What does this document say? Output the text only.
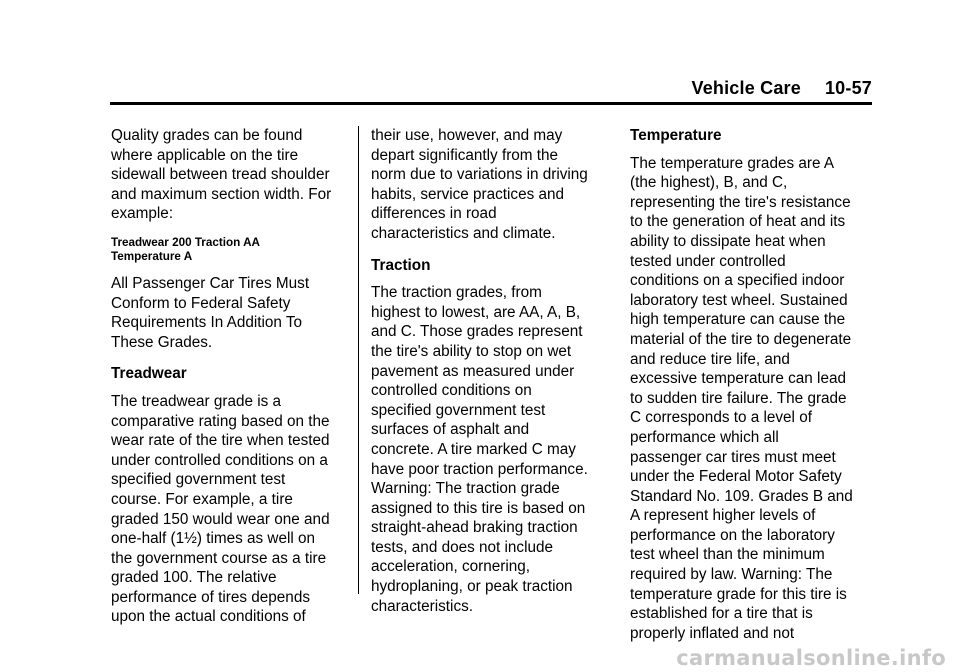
Vehicle Care 10-57

Quality grades can be found
where applicable on the tire
sidewall between tread shoulder
and maximum section width. For
example:

Treadwear 200 Traction AA
Temperature A

All Passenger Car Tires Must
Conform to Federal Safety
Requirements In Addition To
These Grades.

Treadwear

The treadwear grade is a
comparative rating based on the
wear rate of the tire when tested
under controlled conditions on a
specified government test
course. For example, a tire
graded 150 would wear one and
one-half (1½) times as well on
the government course as a tire
graded 100. The relative
performance of tires depends
upon the actual conditions of

their use, however, and may
depart significantly from the
norm due to variations in driving
habits, service practices and
differences in road
characteristics and climate.

Traction

The traction grades, from
highest to lowest, are AA, A, B,
and C. Those grades represent
the tire's ability to stop on wet
pavement as measured under
controlled conditions on
specified government test
surfaces of asphalt and
concrete. A tire marked C may
have poor traction performance.
Warning: The traction grade
assigned to this tire is based on
straight-ahead braking traction
tests, and does not include
acceleration, cornering,
hydroplaning, or peak traction
characteristics.

Temperature

The temperature grades are A
(the highest), B, and C,
representing the tire's resistance
to the generation of heat and its
ability to dissipate heat when
tested under controlled
conditions on a specified indoor
laboratory test wheel. Sustained
high temperature can cause the
material of the tire to degenerate
and reduce tire life, and
excessive temperature can lead
to sudden tire failure. The grade
C corresponds to a level of
performance which all
passenger car tires must meet
under the Federal Motor Safety
Standard No. 109. Grades B and
A represent higher levels of
performance on the laboratory
test wheel than the minimum
required by law. Warning: The
temperature grade for this tire is
established for a tire that is
properly inflated and not

carmanualsonline.info
